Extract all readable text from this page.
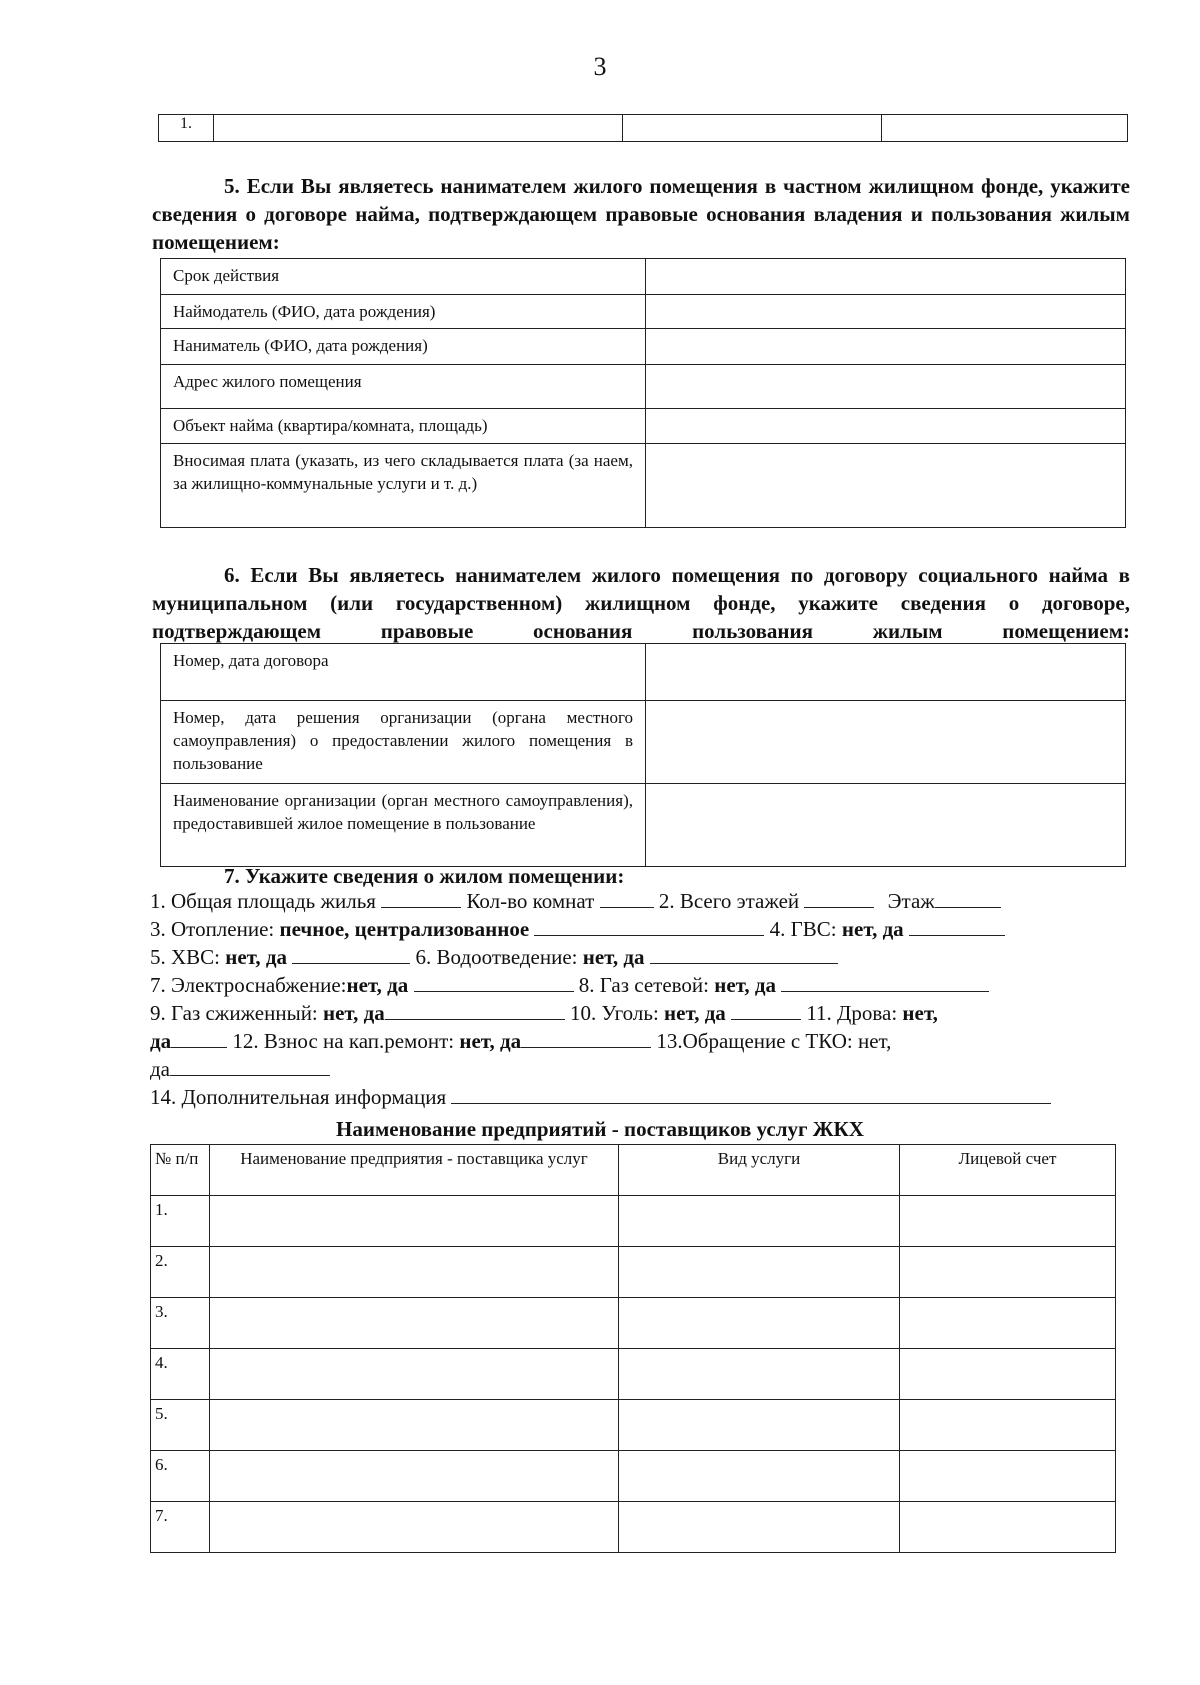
3
1.			
5. Если Вы являетесь нанимателем жилого помещения в частном жилищном фонде, укажите сведения о договоре найма, подтверждающем правовые основания владения и пользования жилым помещением:
Срок действия	
Наймодатель (ФИО, дата рождения)	
Наниматель (ФИО, дата рождения)	
Адрес жилого помещения	
Объект найма (квартира/комната, площадь)	
Вносимая плата (указать, из чего складывается плата (за наем, за жилищно-коммунальные услуги и т. д.)	
6. Если Вы являетесь нанимателем жилого помещения по договору социального найма в муниципальном (или государственном) жилищном фонде, укажите сведения о договоре, подтверждающем правовые основания пользования жилым помещением:
Номер, дата договора	
Номер, дата решения организации (органа местного самоуправления) о предоставлении жилого помещения в пользование	
Наименование организации (орган местного самоуправления), предоставившей жилое помещение в пользование	
7. Укажите сведения о жилом помещении:
1. Общая площадь жилья	Кол-во комнат	2. Всего этажей	Этаж
3. Отопление: печное, централизованное	4. ГВС: нет, да
5. ХВС: нет, да	6. Водоотведение: нет, да
7. Электроснабжение:нет, да	8. Газ сетевой: нет, да
9. Газ сжиженный: нет, да	10. Уголь: нет, да	11. Дрова: нет,
да	12. Взнос на кап.ремонт: нет, да	13.Обращение с ТКО: нет,
да
14. Дополнительная информация
Наименование предприятий - поставщиков услуг ЖКХ
№ п/п	Наименование предприятия - поставщика услуг	Вид услуги	Лицевой счет
1.			
2.			
3.			
4.			
5.			
6.			
7.			
